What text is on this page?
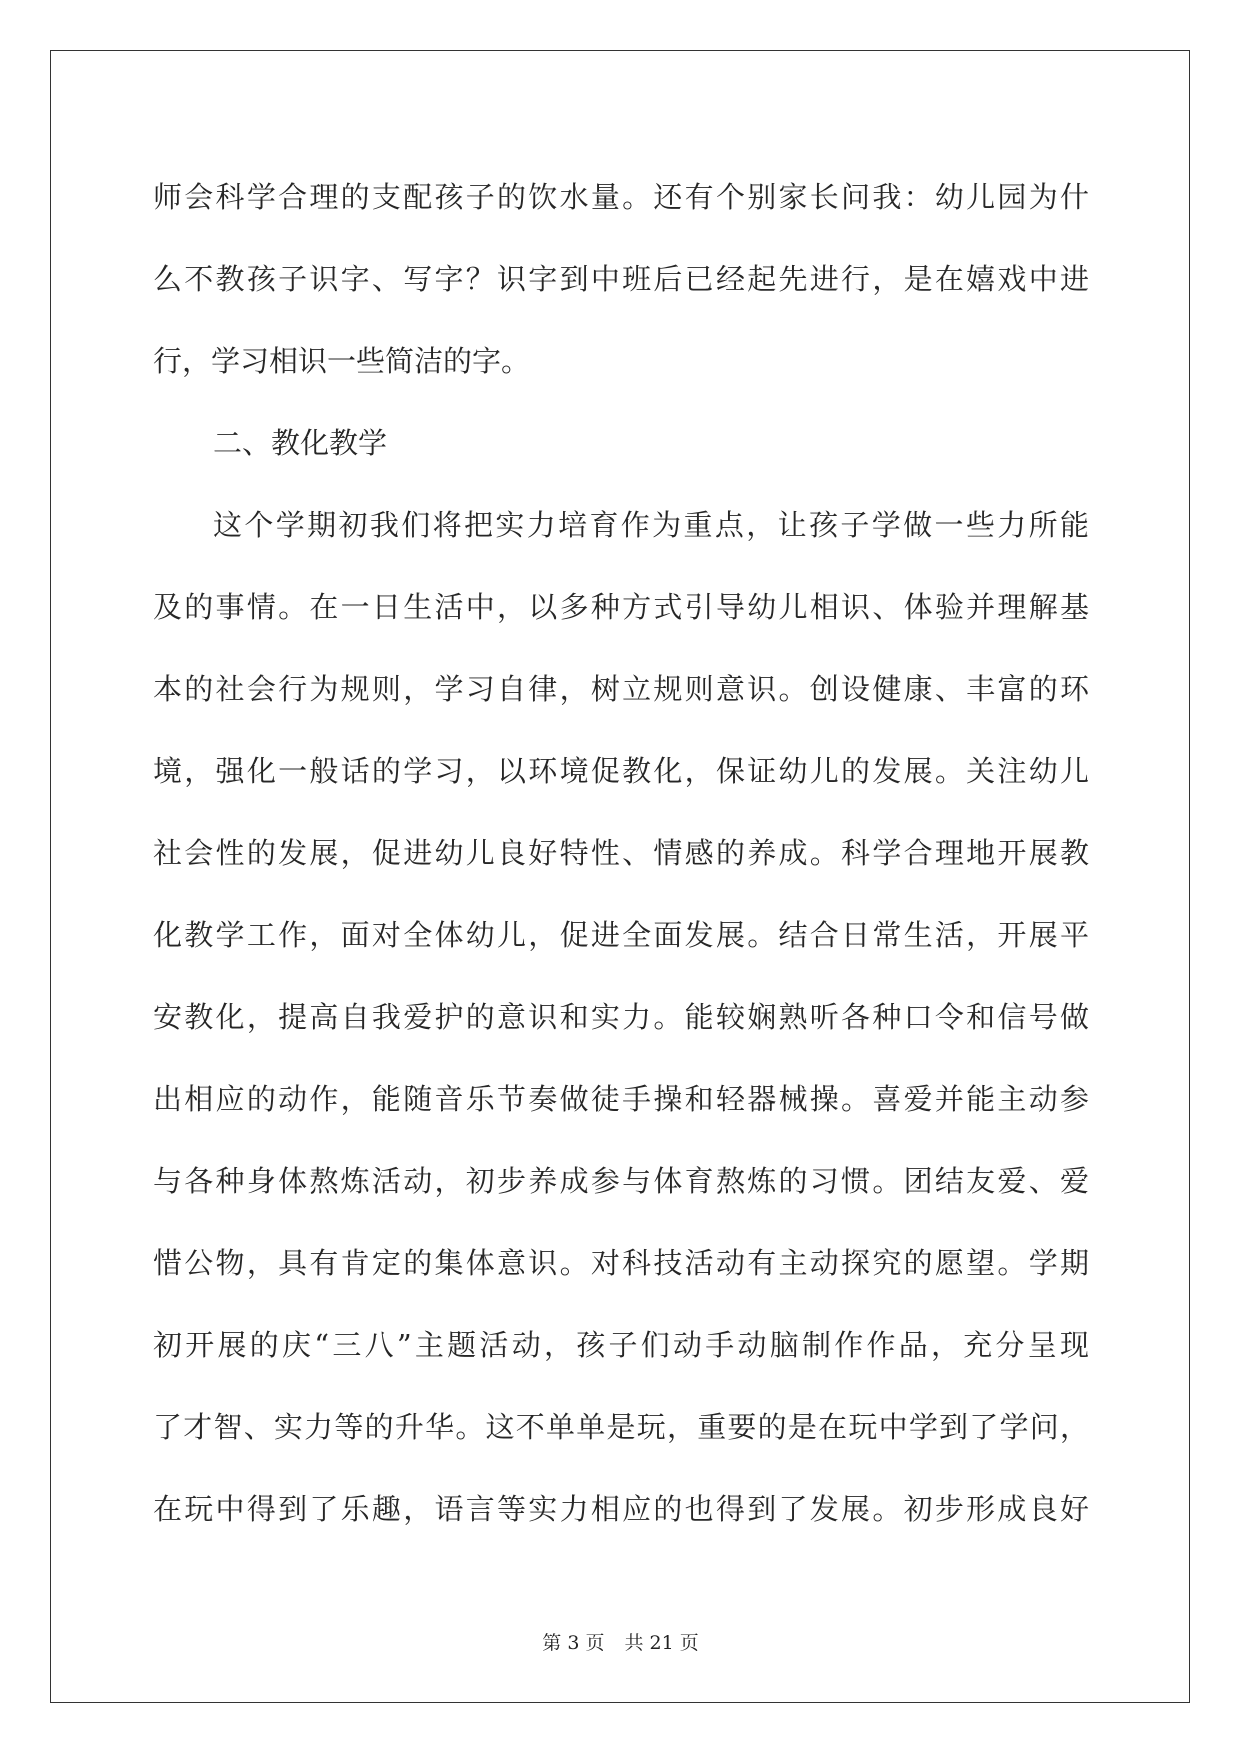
师会科学合理的支配孩子的饮水量。还有个别家长问我：幼儿园为什
么不教孩子识字、写字？识字到中班后已经起先进行，是在嬉戏中进
行，学习相识一些简洁的字。
二、教化教学
这个学期初我们将把实力培育作为重点，让孩子学做一些力所能
及的事情。在一日生活中，以多种方式引导幼儿相识、体验并理解基
本的社会行为规则，学习自律，树立规则意识。创设健康、丰富的环
境，强化一般话的学习，以环境促教化，保证幼儿的发展。关注幼儿
社会性的发展，促进幼儿良好特性、情感的养成。科学合理地开展教
化教学工作，面对全体幼儿，促进全面发展。结合日常生活，开展平
安教化，提高自我爱护的意识和实力。能较娴熟听各种口令和信号做
出相应的动作，能随音乐节奏做徒手操和轻器械操。喜爱并能主动参
与各种身体熬炼活动，初步养成参与体育熬炼的习惯。团结友爱、爱
惜公物，具有肯定的集体意识。对科技活动有主动探究的愿望。学期
初开展的庆“三八”主题活动，孩子们动手动脑制作作品，充分呈现
了才智、实力等的升华。这不单单是玩，重要的是在玩中学到了学问，
在玩中得到了乐趣，语言等实力相应的也得到了发展。初步形成良好
第 3 页 共 21 页
